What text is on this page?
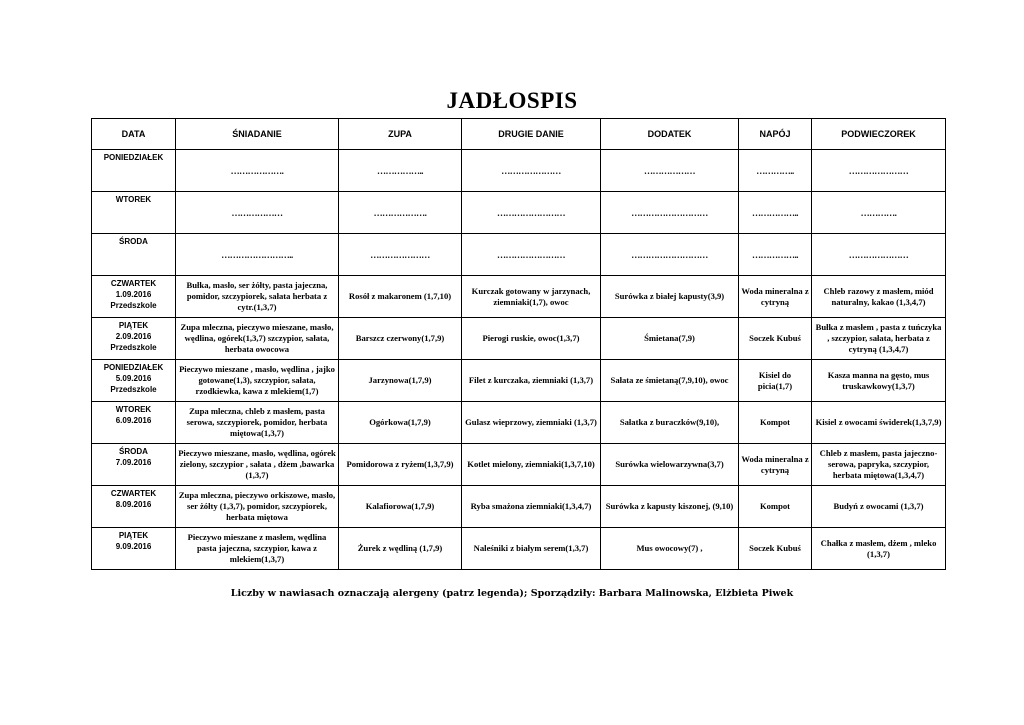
JADŁOSPIS
DATA	ŚNIADANIE	ZUPA	DRUGIE DANIE	DODATEK	NAPÓJ	PODWIECZOREK
PONIEDZIAŁEK	……………….	……………..	…………………	………………	…………..	…………………
WTOREK	………………	……………….	……………………	………………………	……………..	………….
ŚRODA	……………………..	…………………	……………………	………………………	……………..	…………………

CZWARTEK
1.09.2016
Przedszkole	Bułka, masło, ser żółty, pasta jajeczna, pomidor, szczypiorek, sałata herbata z cytr.(1,3,7)	Rosół z makaronem (1,7,10)	Kurczak gotowany w jarzynach, ziemniaki(1,7), owoc	Surówka z białej kapusty(3,9)	Woda mineralna z cytryną	Chleb razowy z masłem, miód naturalny, kakao (1,3,4,7)

PIĄTEK
2.09.2016
Przedszkole	Zupa mleczna, pieczywo mieszane, masło, wędlina, ogórek(1,3,7) szczypior, sałata, herbata owocowa	Barszcz czerwony(1,7,9)	Pierogi ruskie, owoc(1,3,7)	Śmietana(7,9)	Soczek Kubuś	Bułka z masłem , pasta z tuńczyka , szczypior, sałata, herbata z cytryną (1,3,4,7)

PONIEDZIAŁEK
5.09.2016
Przedszkole	Pieczywo mieszane , masło, wędlina , jajko gotowane(1,3), szczypior, sałata, rzodkiewka, kawa z mlekiem(1,7)	Jarzynowa(1,7,9)	Filet z kurczaka, ziemniaki (1,3,7)	Sałata ze śmietaną(7,9,10), owoc	Kisiel do picia(1,7)	Kasza manna na gęsto, mus truskawkowy(1,3,7)

WTOREK
6.09.2016	Zupa mleczna, chleb z masłem, pasta serowa, szczypiorek, pomidor, herbata miętowa(1,3,7)	Ogórkowa(1,7,9)	Gulasz wieprzowy, ziemniaki (1,3,7)	Sałatka z buraczków(9,10),	Kompot	Kisiel z owocami świderek(1,3,7,9)

ŚRODA
7.09.2016	Pieczywo mieszane, masło, wędlina, ogórek zielony, szczypior , sałata , dżem ,bawarka (1,3,7)	Pomidorowa z ryżem(1,3,7,9)	Kotlet mielony, ziemniaki(1,3,7,10)	Surówka wielowarzywna(3,7)	Woda mineralna z cytryną	Chleb z masłem, pasta jajeczno- serowa, papryka, szczypior, herbata miętowa(1,3,4,7)

CZWARTEK
8.09.2016	Zupa mleczna, pieczywo orkiszowe, masło, ser żółty (1,3,7), pomidor, szczypiorek, herbata miętowa	Kalafiorowa(1,7,9)	Ryba smażona ziemniaki(1,3,4,7)	Surówka z kapusty kiszonej, (9,10)	Kompot	Budyń z owocami (1,3,7)

PIĄTEK
9.09.2016	Pieczywo mieszane z masłem, wędlina pasta jajeczna, szczypior, kawa z mlekiem(1,3,7)	Żurek z wędliną (1,7,9)	Naleśniki z białym serem(1,3,7)	Mus owocowy(7) ,	Soczek Kubuś	Chałka z masłem, dżem , mleko (1,3,7)
Liczby w nawiasach oznaczają alergeny (patrz legenda); Sporządziły: Barbara Malinowska, Elżbieta Piwek
